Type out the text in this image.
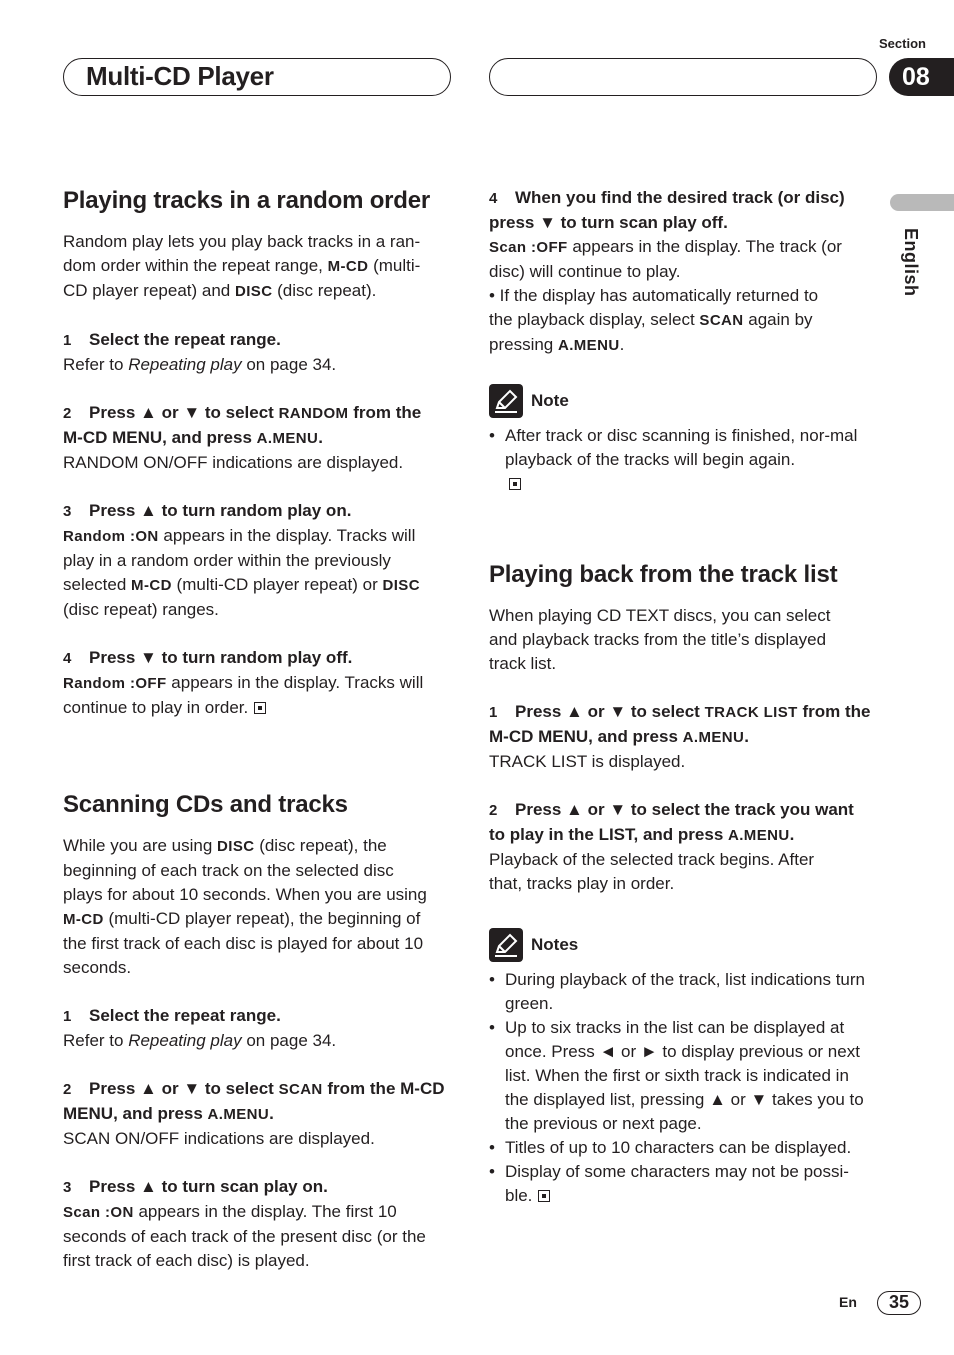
Multi-CD Player
Section
08
English
Playing tracks in a random order

Random play lets you play back tracks in a ran-
dom order within the repeat range, M-CD (multi-
CD player repeat) and DISC (disc repeat).

1 Select the repeat range.

Refer to Repeating play on page 34.

2 Press ▲ or ▼ to select RANDOM from the
M-CD MENU, and press A.MENU.

RANDOM ON/OFF indications are displayed.

3 Press ▲ to turn random play on.

Random :ON appears in the display. Tracks will
play in a random order within the previously
selected M-CD (multi-CD player repeat) or DISC
(disc repeat) ranges.

4 Press ▼ to turn random play off.

Random :OFF appears in the display. Tracks will
continue to play in order.

Scanning CDs and tracks

While you are using DISC (disc repeat), the
beginning of each track on the selected disc
plays for about 10 seconds. When you are using
M-CD (multi-CD player repeat), the beginning of
the first track of each disc is played for about 10
seconds.

1 Select the repeat range.

Refer to Repeating play on page 34.

2 Press ▲ or ▼ to select SCAN from the M-CD
MENU, and press A.MENU.

SCAN ON/OFF indications are displayed.

3 Press ▲ to turn scan play on.

Scan :ON appears in the display. The first 10
seconds of each track of the present disc (or the
first track of each disc) is played.

4 When you find the desired track (or disc)
press ▼ to turn scan play off.

Scan :OFF appears in the display. The track (or
disc) will continue to play.
• If the display has automatically returned to
the playback display, select SCAN again by
pressing A.MENU.

Note
• After track or disc scanning is finished, nor-mal playback of the tracks will begin again.

Playing back from the track list

When playing CD TEXT discs, you can select
and playback tracks from the title’s displayed
track list.

1 Press ▲ or ▼ to select TRACK LIST from the
M-CD MENU, and press A.MENU.

TRACK LIST is displayed.

2 Press ▲ or ▼ to select the track you want
to play in the LIST, and press A.MENU.

Playback of the selected track begins. After
that, tracks play in order.

Notes
• During playback of the track, list indications turn green.
• Up to six tracks in the list can be displayed at once. Press ◄ or ► to display previous or next list. When the first or sixth track is indicated in the displayed list, pressing ▲ or ▼ takes you to the previous or next page.
• Titles of up to 10 characters can be displayed.
• Display of some characters may not be possi-ble.
En	35
